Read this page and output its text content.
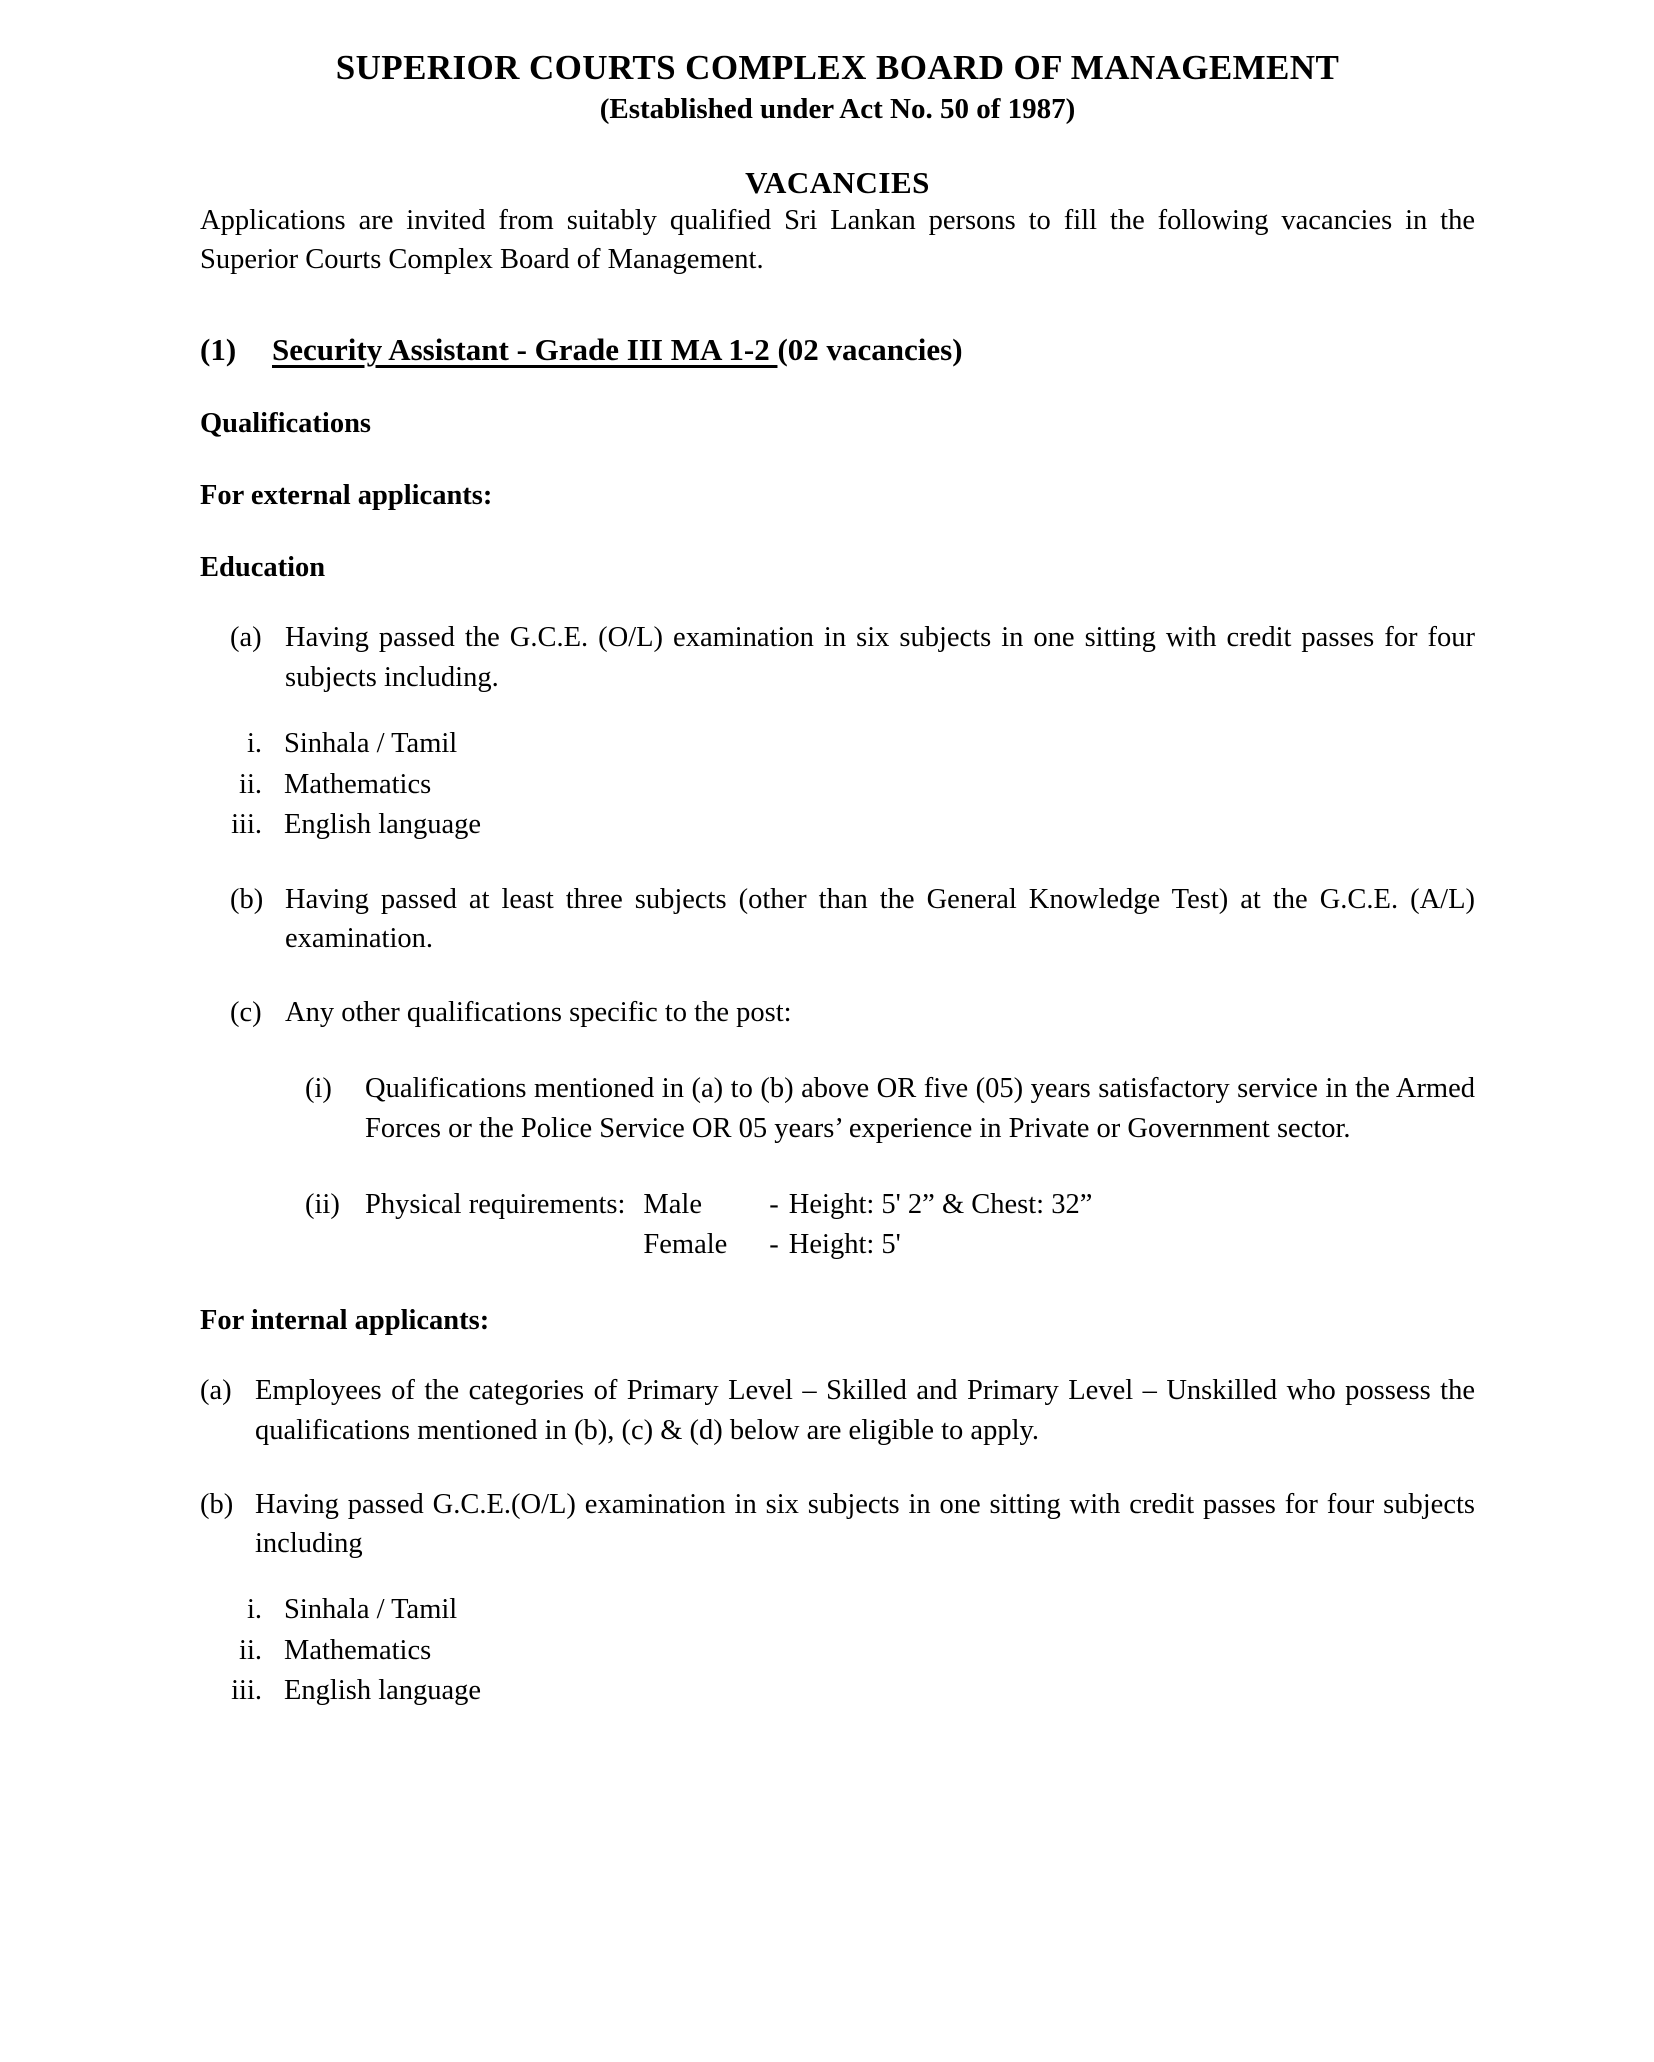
SUPERIOR COURTS COMPLEX BOARD OF MANAGEMENT
(Established under Act No. 50 of 1987)
VACANCIES

Applications are invited from suitably qualified Sri Lankan persons to fill the following vacancies in the Superior Courts Complex Board of Management.

(1)	Security Assistant - Grade III MA 1-2 (02 vacancies)
Qualifications
For external applicants:
Education
(a) Having passed the G.C.E. (O/L) examination in six subjects in one sitting with credit passes for four subjects including.
i. Sinhala / Tamil
ii. Mathematics
iii. English language
(b) Having passed at least three subjects (other than the General Knowledge Test) at the G.C.E. (A/L) examination.
(c) Any other qualifications specific to the post:
(i)	Qualifications mentioned in (a) to (b) above OR five (05) years satisfactory service in the Armed Forces or the Police Service OR 05 years’ experience in Private or Government sector.
(ii) Physical requirements:	Male	-	Height: 5' 2” & Chest: 32”
	Female	-	Height: 5'
For internal applicants:
(a) Employees of the categories of Primary Level – Skilled and Primary Level – Unskilled who possess the qualifications mentioned in (b), (c) & (d) below are eligible to apply.
(b) Having passed G.C.E.(O/L) examination in six subjects in one sitting with credit passes for four subjects including
i. Sinhala / Tamil
ii. Mathematics
iii. English language
